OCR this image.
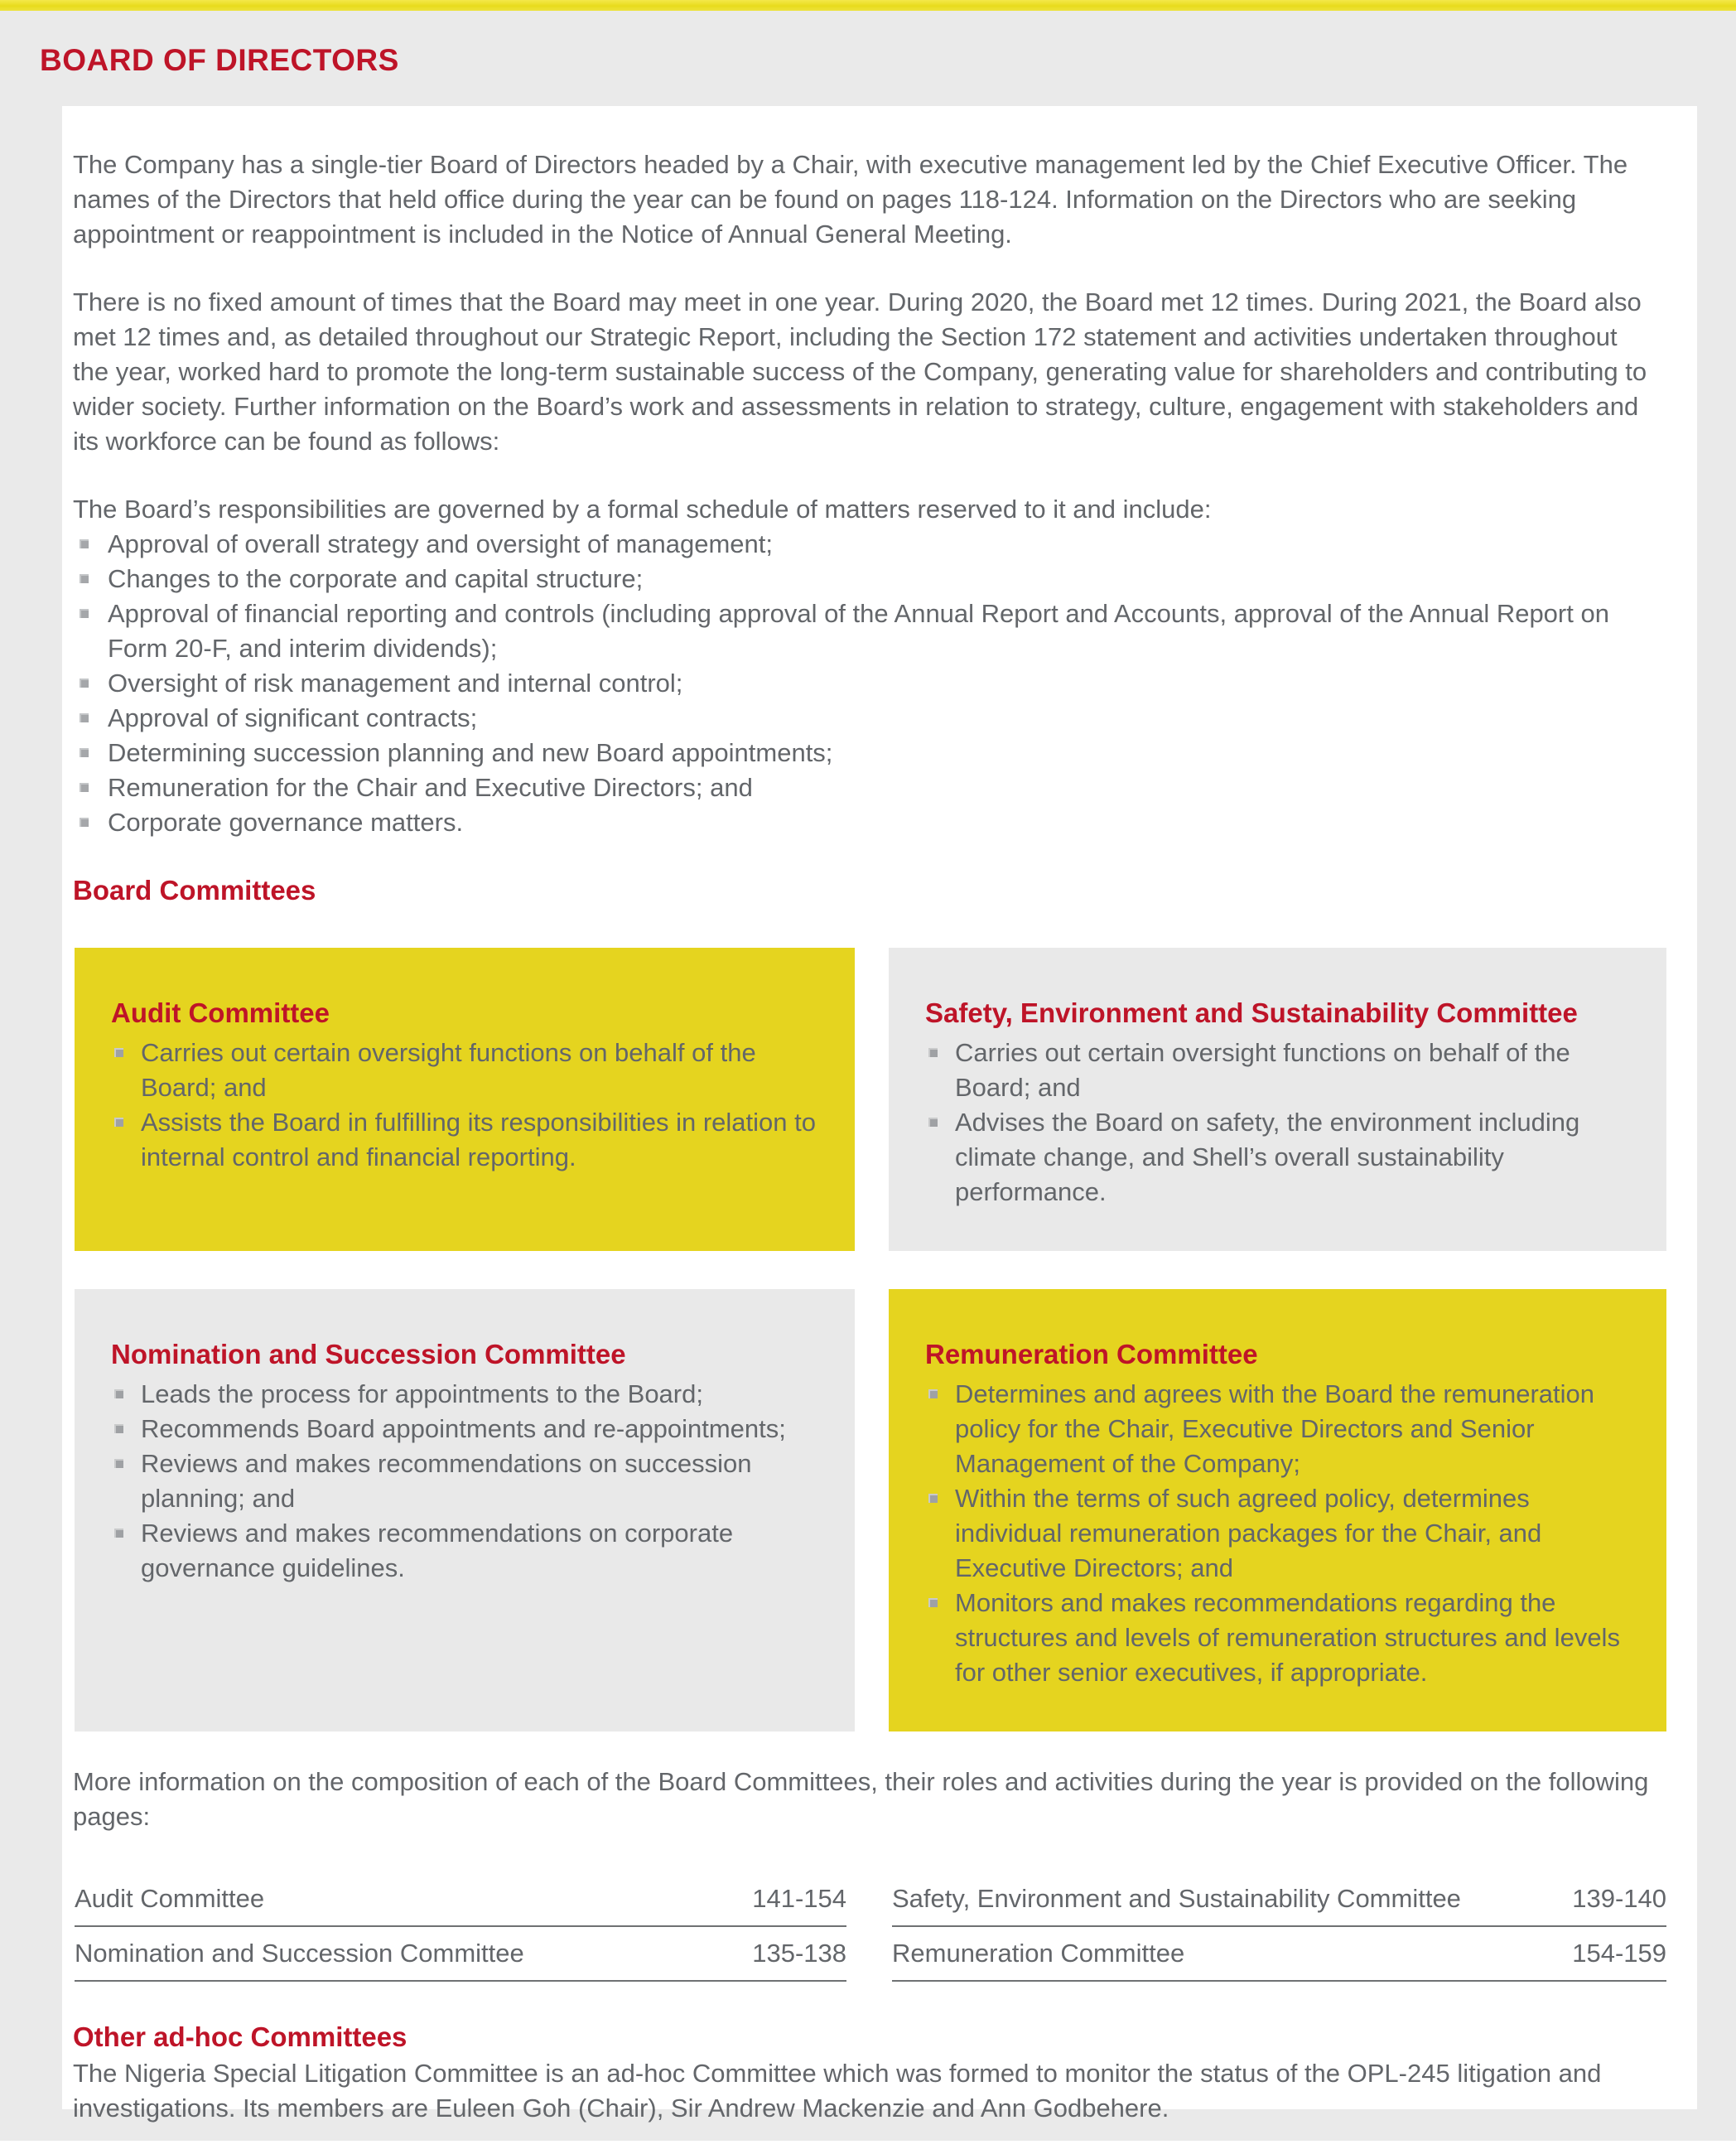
BOARD OF DIRECTORS

The Company has a single-tier Board of Directors headed by a Chair, with executive management led by the Chief Executive Officer. The names of the Directors that held office during the year can be found on pages 118-124. Information on the Directors who are seeking appointment or reappointment is included in the Notice of Annual General Meeting.

There is no fixed amount of times that the Board may meet in one year. During 2020, the Board met 12 times. During 2021, the Board also met 12 times and, as detailed throughout our Strategic Report, including the Section 172 statement and activities undertaken throughout the year, worked hard to promote the long-term sustainable success of the Company, generating value for shareholders and contributing to wider society. Further information on the Board’s work and assessments in relation to strategy, culture, engagement with stakeholders and its workforce can be found as follows:

The Board’s responsibilities are governed by a formal schedule of matters reserved to it and include:

Approval of overall strategy and oversight of management;
Changes to the corporate and capital structure;
Approval of financial reporting and controls (including approval of the Annual Report and Accounts, approval of the Annual Report on Form 20-F, and interim dividends);
Oversight of risk management and internal control;
Approval of significant contracts;
Determining succession planning and new Board appointments;
Remuneration for the Chair and Executive Directors; and
Corporate governance matters.
Board Committees
Audit Committee
Carries out certain oversight functions on behalf of the Board; and
Assists the Board in fulfilling its responsibilities in relation to internal control and financial reporting.
Safety, Environment and Sustainability Committee
Carries out certain oversight functions on behalf of the Board; and
Advises the Board on safety, the environment including climate change, and Shell’s overall sustainability performance.
Nomination and Succession Committee
Leads the process for appointments to the Board;
Recommends Board appointments and re-appointments;
Reviews and makes recommendations on succession planning; and
Reviews and makes recommendations on corporate governance guidelines.
Remuneration Committee
Determines and agrees with the Board the remuneration policy for the Chair, Executive Directors and Senior Management of the Company;
Within the terms of such agreed policy, determines individual remuneration packages for the Chair, and Executive Directors; and
Monitors and makes recommendations regarding the structures and levels of remuneration structures and levels for other senior executives, if appropriate.

More information on the composition of each of the Board Committees, their roles and activities during the year is provided on the following pages:

Audit Committee	141-154
Nomination and Succession Committee	135-138
Safety, Environment and Sustainability Committee	139-140
Remuneration Committee	154-159
Other ad-hoc Committees

The Nigeria Special Litigation Committee is an ad-hoc Committee which was formed to monitor the status of the OPL-245 litigation and investigations. Its members are Euleen Goh (Chair), Sir Andrew Mackenzie and Ann Godbehere.
